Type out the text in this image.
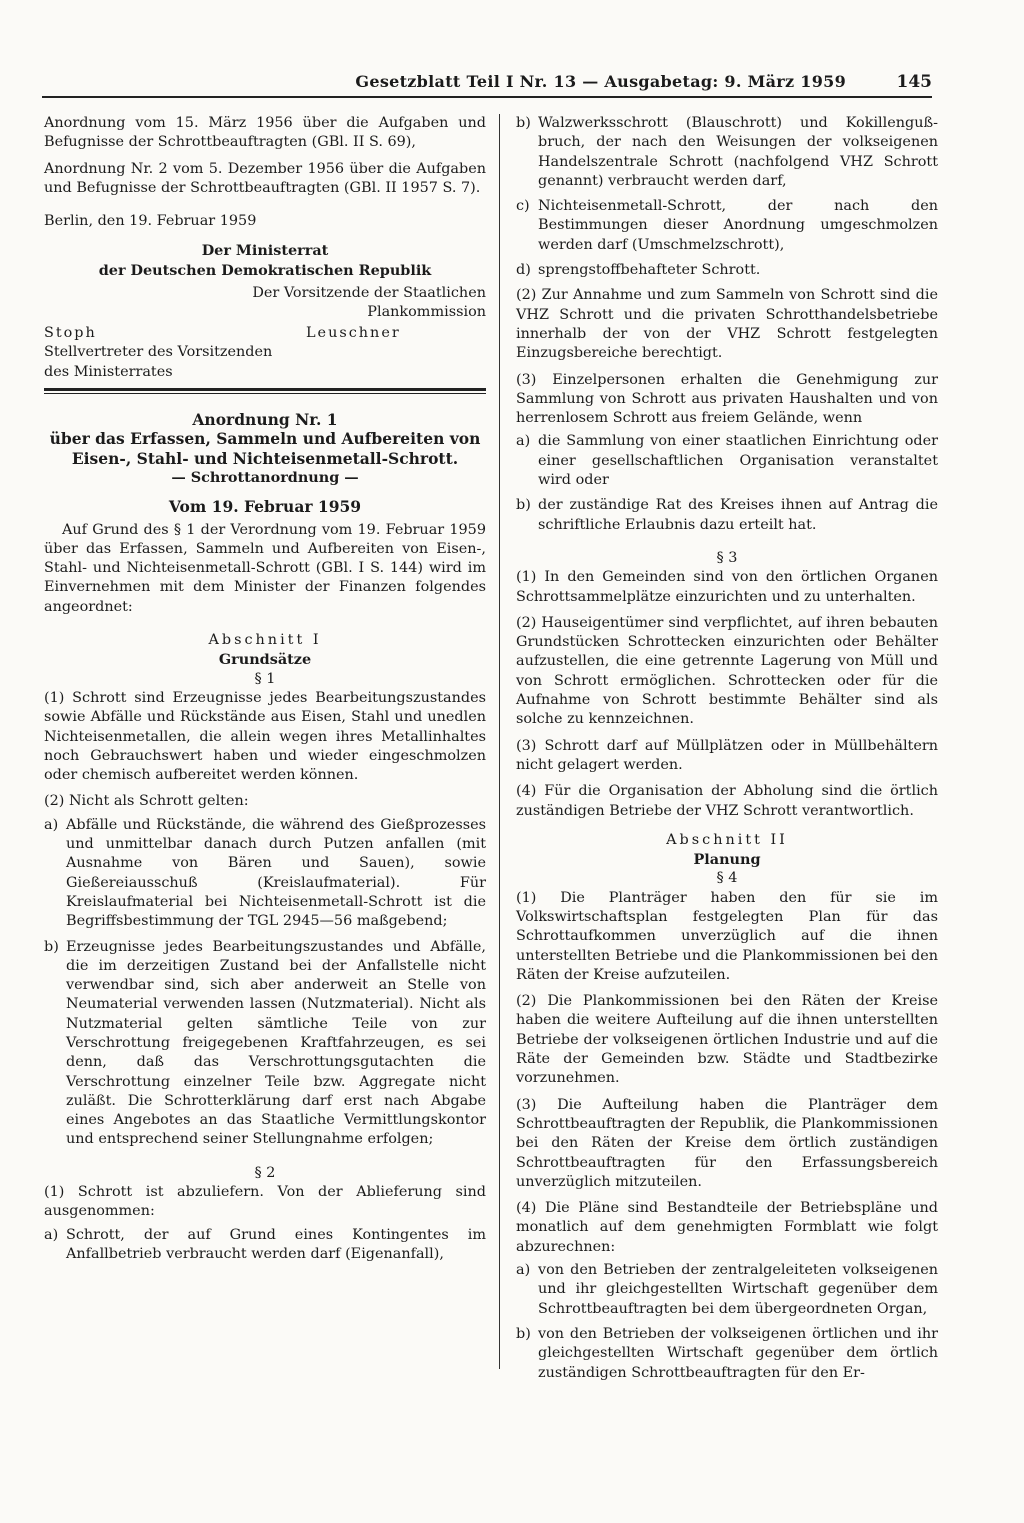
Gesetzblatt Teil I Nr. 13 — Ausgabetag: 9. März 1959	145

Anordnung vom 15. März 1956 über die Aufgaben und Befugnisse der Schrottbeauftragten (GBl. II S. 69),

Anordnung Nr. 2 vom 5. Dezember 1956 über die Aufgaben und Befugnisse der Schrottbeauftragten (GBl. II 1957 S. 7).

Berlin, den 19. Februar 1959

Der Ministerrat
der Deutschen Demokratischen Republik
Der Vorsitzende der Staatlichen Plankommission
Stoph
Stellvertreter des Vorsitzenden des Ministerrates
Leuschner
Anordnung Nr. 1
über das Erfassen, Sammeln und Aufbereiten von
Eisen-, Stahl- und Nichteisenmetall-Schrott.
— Schrottanordnung —
Vom 19. Februar 1959

Auf Grund des § 1 der Verordnung vom 19. Februar 1959 über das Erfassen, Sammeln und Aufbereiten von Eisen-, Stahl- und Nichteisenmetall-Schrott (GBl. I S. 144) wird im Einvernehmen mit dem Minister der Finanzen folgendes angeordnet:

Abschnitt I
Grundsätze
§ 1

(1) Schrott sind Erzeugnisse jedes Bearbeitungszustandes sowie Abfälle und Rückstände aus Eisen, Stahl und unedlen Nichteisenmetallen, die allein wegen ihres Metallinhaltes noch Gebrauchswert haben und wieder eingeschmolzen oder chemisch aufbereitet werden können.

(2) Nicht als Schrott gelten:

a) Abfälle und Rückstände, die während des Gießprozesses und unmittelbar danach durch Putzen anfallen (mit Ausnahme von Bären und Sauen), sowie Gießereiausschuß (Kreislaufmaterial). Für Kreislaufmaterial bei Nichteisenmetall-Schrott ist die Begriffsbestimmung der TGL 2945—56 maßgebend;
b) Erzeugnisse jedes Bearbeitungszustandes und Abfälle, die im derzeitigen Zustand bei der Anfallstelle nicht verwendbar sind, sich aber anderweit an Stelle von Neumaterial verwenden lassen (Nutzmaterial). Nicht als Nutzmaterial gelten sämtliche Teile von zur Verschrottung freigegebenen Kraftfahrzeugen, es sei denn, daß das Verschrottungsgutachten die Verschrottung einzelner Teile bzw. Aggregate nicht zuläßt. Die Schrotterklärung darf erst nach Abgabe eines Angebotes an das Staatliche Vermittlungskontor und entsprechend seiner Stellungnahme erfolgen;
§ 2

(1) Schrott ist abzuliefern. Von der Ablieferung sind ausgenommen:

a) Schrott, der auf Grund eines Kontingentes im Anfallbetrieb verbraucht werden darf (Eigenanfall),
b) Walzwerksschrott (Blauschrott) und Kokillenguß-bruch, der nach den Weisungen der volkseigenen Handelszentrale Schrott (nachfolgend VHZ Schrott genannt) verbraucht werden darf,
c) Nichteisenmetall-Schrott, der nach den Bestimmungen dieser Anordnung umgeschmolzen werden darf (Umschmelzschrott),
d) sprengstoffbehafteter Schrott.

(2) Zur Annahme und zum Sammeln von Schrott sind die VHZ Schrott und die privaten Schrotthandelsbetriebe innerhalb der von der VHZ Schrott festgelegten Einzugsbereiche berechtigt.

(3) Einzelpersonen erhalten die Genehmigung zur Sammlung von Schrott aus privaten Haushalten und von herrenlosem Schrott aus freiem Gelände, wenn

a) die Sammlung von einer staatlichen Einrichtung oder einer gesellschaftlichen Organisation veranstaltet wird oder
b) der zuständige Rat des Kreises ihnen auf Antrag die schriftliche Erlaubnis dazu erteilt hat.
§ 3

(1) In den Gemeinden sind von den örtlichen Organen Schrottsammelplätze einzurichten und zu unterhalten.

(2) Hauseigentümer sind verpflichtet, auf ihren bebauten Grundstücken Schrottecken einzurichten oder Behälter aufzustellen, die eine getrennte Lagerung von Müll und von Schrott ermöglichen. Schrottecken oder für die Aufnahme von Schrott bestimmte Behälter sind als solche zu kennzeichnen.

(3) Schrott darf auf Müllplätzen oder in Müllbehältern nicht gelagert werden.

(4) Für die Organisation der Abholung sind die örtlich zuständigen Betriebe der VHZ Schrott verantwortlich.

Abschnitt II
Planung
§ 4

(1) Die Planträger haben den für sie im Volkswirtschaftsplan festgelegten Plan für das Schrottaufkommen unverzüglich auf die ihnen unterstellten Betriebe und die Plankommissionen bei den Räten der Kreise aufzuteilen.

(2) Die Plankommissionen bei den Räten der Kreise haben die weitere Aufteilung auf die ihnen unterstellten Betriebe der volkseigenen örtlichen Industrie und auf die Räte der Gemeinden bzw. Städte und Stadtbezirke vorzunehmen.

(3) Die Aufteilung haben die Planträger dem Schrottbeauftragten der Republik, die Plankommissionen bei den Räten der Kreise dem örtlich zuständigen Schrottbeauftragten für den Erfassungsbereich unverzüglich mitzuteilen.

(4) Die Pläne sind Bestandteile der Betriebspläne und monatlich auf dem genehmigten Formblatt wie folgt abzurechnen:

a) von den Betrieben der zentralgeleiteten volkseigenen und ihr gleichgestellten Wirtschaft gegenüber dem Schrottbeauftragten bei dem übergeordneten Organ,
b) von den Betrieben der volkseigenen örtlichen und ihr gleichgestellten Wirtschaft gegenüber dem örtlich zuständigen Schrottbeauftragten für den Er-
